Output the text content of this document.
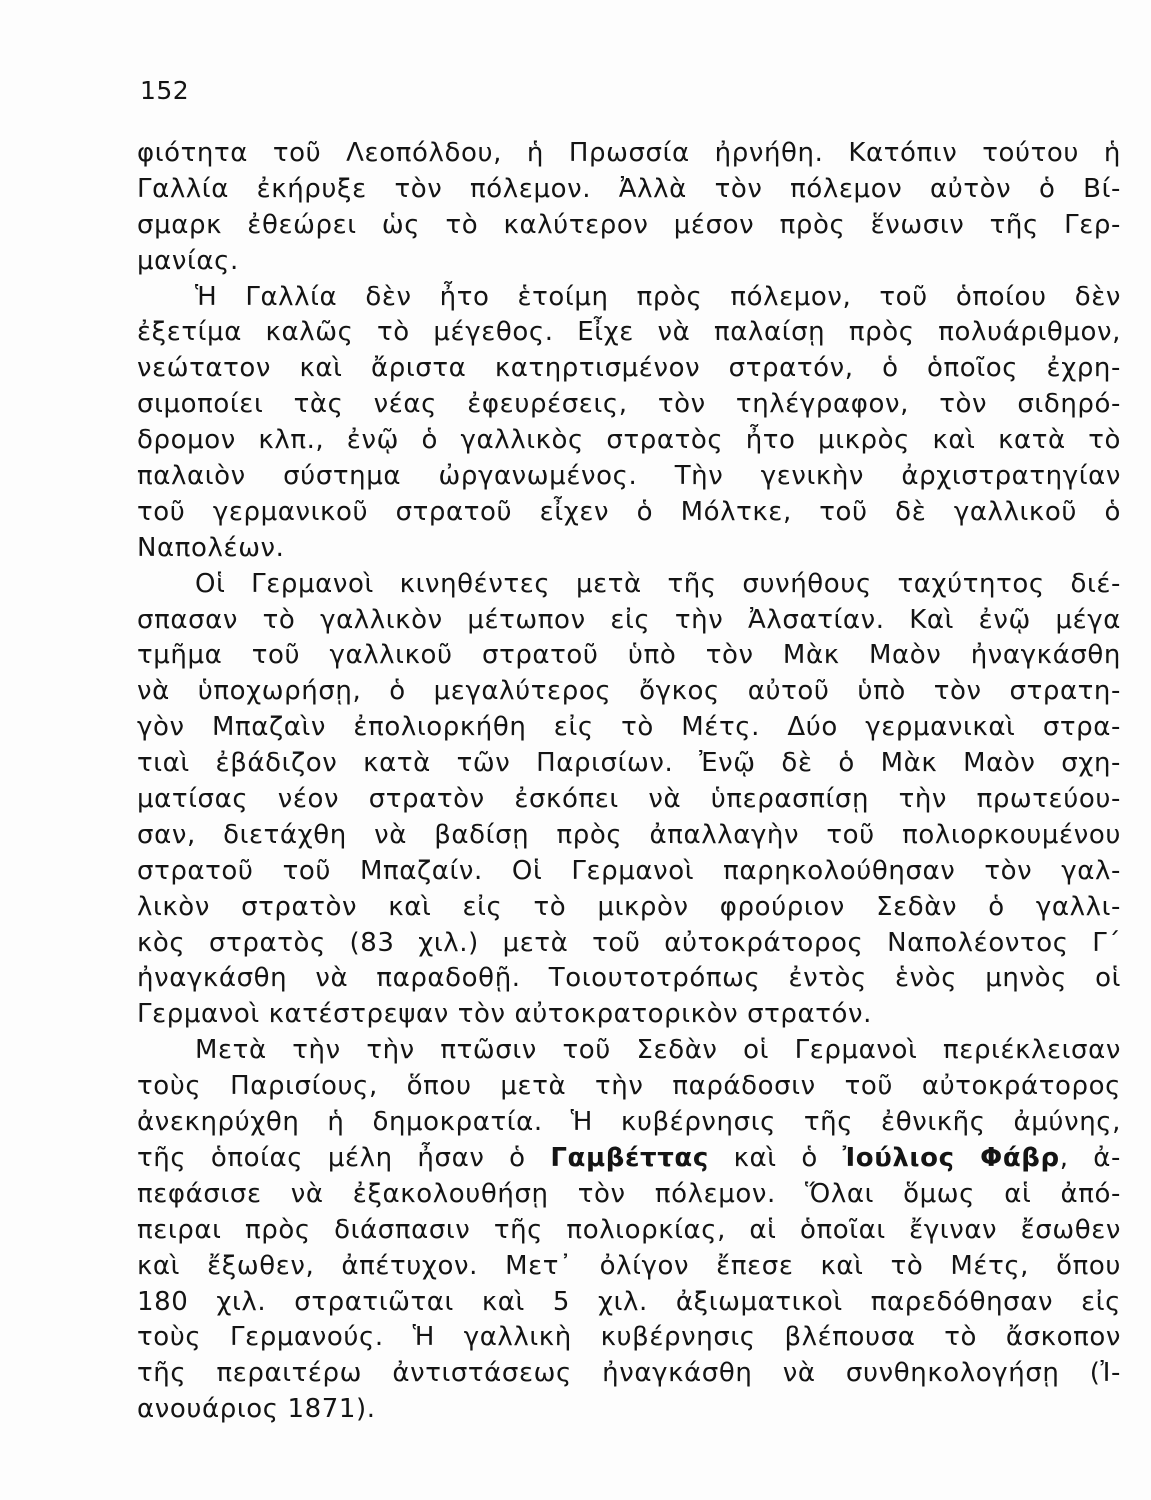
152

φιότητα τοῦ Λεοπόλδου, ἡ Πρωσσία ἠρνήθη. Κατόπιν τούτου ἡ
Γαλλία ἐκήρυξε τὸν πόλεμον. Ἀλλὰ τὸν πόλεμον αὐτὸν ὁ Βί-
σμαρκ ἐθεώρει ὡς τὸ καλύτερον μέσον πρὸς ἕνωσιν τῆς Γερ-
μανίας.
Ἡ Γαλλία δὲν ἦτο ἑτοίμη πρὸς πόλεμον, τοῦ ὁποίου δὲν
ἐξετίμα καλῶς τὸ μέγεθος. Εἶχε νὰ παλαίσῃ πρὸς πολυάριθμον,
νεώτατον καὶ ἄριστα κατηρτισμένον στρατόν, ὁ ὁποῖος ἐχρη-
σιμοποίει τὰς νέας ἐφευρέσεις, τὸν τηλέγραφον, τὸν σιδηρό-
δρομον κλπ., ἐνῷ ὁ γαλλικὸς στρατὸς ἦτο μικρὸς καὶ κατὰ τὸ
παλαιὸν σύστημα ὠργανωμένος. Τὴν γενικὴν ἀρχιστρατηγίαν
τοῦ γερμανικοῦ στρατοῦ εἶχεν ὁ Μόλτκε, τοῦ δὲ γαλλικοῦ ὁ
Ναπολέων.
Οἱ Γερμανοὶ κινηθέντες μετὰ τῆς συνήθους ταχύτητος διέ-
σπασαν τὸ γαλλικὸν μέτωπον εἰς τὴν Ἀλσατίαν. Καὶ ἐνῷ μέγα
τμῆμα τοῦ γαλλικοῦ στρατοῦ ὑπὸ τὸν Μὰκ Μαὸν ἠναγκάσθη
νὰ ὑποχωρήσῃ, ὁ μεγαλύτερος ὄγκος αὐτοῦ ὑπὸ τὸν στρατη-
γὸν Μπαζαὶν ἐπολιορκήθη εἰς τὸ Μέτς. Δύο γερμανικαὶ στρα-
τιαὶ ἐβάδιζον κατὰ τῶν Παρισίων. Ἐνῷ δὲ ὁ Μὰκ Μαὸν σχη-
ματίσας νέον στρατὸν ἐσκόπει νὰ ὑπερασπίσῃ τὴν πρωτεύου-
σαν, διετάχθη νὰ βαδίσῃ πρὸς ἀπαλλαγὴν τοῦ πολιορκουμένου
στρατοῦ τοῦ Μπαζαίν. Οἱ Γερμανοὶ παρηκολούθησαν τὸν γαλ-
λικὸν στρατὸν καὶ εἰς τὸ μικρὸν φρούριον Σεδὰν ὁ γαλλι-
κὸς στρατὸς (83 χιλ.) μετὰ τοῦ αὐτοκράτορος Ναπολέοντος Γ΄
ἠναγκάσθη νὰ παραδοθῇ. Τοιουτοτρόπως ἐντὸς ἑνὸς μηνὸς οἱ
Γερμανοὶ κατέστρεψαν τὸν αὐτοκρατορικὸν στρατόν.
Μετὰ τὴν τὴν πτῶσιν τοῦ Σεδὰν οἱ Γερμανοὶ περιέκλεισαν
τοὺς Παρισίους, ὅπου μετὰ τὴν παράδοσιν τοῦ αὐτοκράτορος
ἀνεκηρύχθη ἡ δημοκρατία. Ἡ κυβέρνησις τῆς ἐθνικῆς ἀμύνης,
τῆς ὁποίας μέλη ἦσαν ὁ Γαμβέττας καὶ ὁ Ἰούλιος Φάβρ, ἀ-
πεφάσισε νὰ ἐξακολουθήσῃ τὸν πόλεμον. Ὅλαι ὅμως αἱ ἀπό-
πειραι πρὸς διάσπασιν τῆς πολιορκίας, αἱ ὁποῖαι ἔγιναν ἔσωθεν
καὶ ἔξωθεν, ἀπέτυχον. Μετ᾽ ὀλίγον ἔπεσε καὶ τὸ Μέτς, ὅπου
180 χιλ. στρατιῶται καὶ 5 χιλ. ἀξιωματικοὶ παρεδόθησαν εἰς
τοὺς Γερμανούς. Ἡ γαλλικὴ κυβέρνησις βλέπουσα τὸ ἄσκοπον
τῆς περαιτέρω ἀντιστάσεως ἠναγκάσθη νὰ συνθηκολογήσῃ (Ἰ-
ανουάριος 1871).
